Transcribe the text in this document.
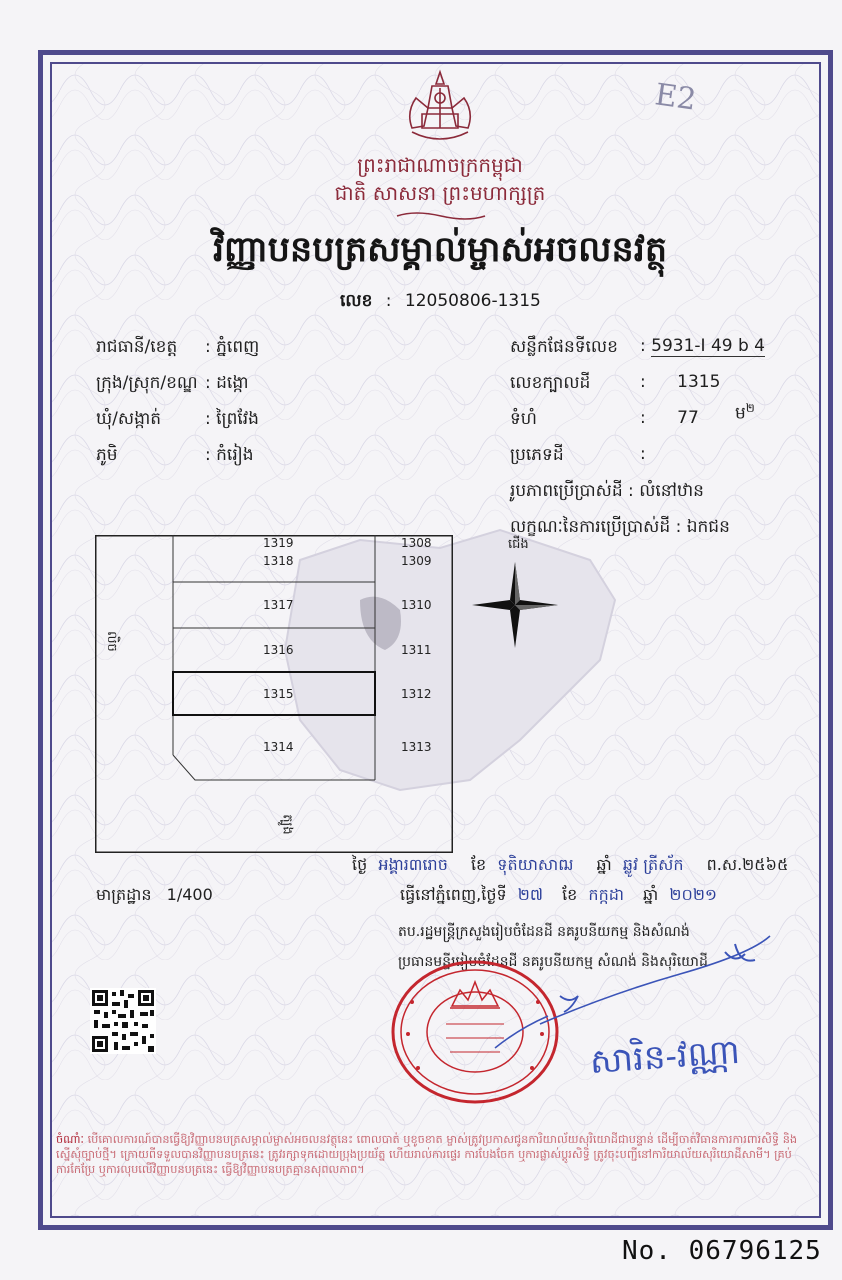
E2
ព្រះរាជាណាចក្រកម្ពុជា
ជាតិ សាសនា ព្រះមហាក្សត្រ
វិញ្ញាបនបត្រសម្គាល់ម្ចាស់អចលនវត្ថុ
លេខ : 12050806-1315
រាជធានី/ខេត្ត : ភ្នំពេញ
ក្រុង/ស្រុក/ខណ្ឌ : ដង្កោ
ឃុំ/សង្កាត់	: ព្រៃវែង
ភូមិ	: កំរៀង
សន្លឹកផែនទីលេខ : 5931-I 49 b 4
លេខក្បាលដី	: 1315
ទំហំ	: 77 ម$^២$
ប្រភេទដី	:
រូបភាពប្រើប្រាស់ដី : លំនៅឋាន
លក្ខណៈនៃការប្រើប្រាស់ដី : ឯកជន
ជើង
1319
1318
1308
1309
1317	1310
1316	1311
1315	1312
1314	1313
លិច
ត្បូង
ថ្ងៃ អង្គារ៣រោច ខែ ទុតិយាសាឍ ឆ្នាំ ឆ្លូវ ត្រីស័ក ព.ស.២៥៦៥
ធ្វើនៅភ្នំពេញ,ថ្ងៃទី ២៧ ខែ កក្កដា ឆ្នាំ ២០២១
មាត្រដ្ឋាន 1/400
តប.រដ្ឋមន្ត្រីក្រសួងរៀបចំដែនដី នគរូបនីយកម្ម និងសំណង់
ប្រធានមន្ទីររៀបចំដែនដី នគរូបនីយកម្ម សំណង់ និងសុរិយោដី
សារិន-វណ្ណា
ចំណាំៈ បើគោលការណ៍បានធ្វើឱ្យវិញ្ញាបនបត្រសម្គាល់ម្ចាស់អចលនវត្ថុនេះ ពោលបាត់ ឬខូចខាត ម្ចាស់ត្រូវប្រកាសជូនការិយាល័យសុរិយោដីជាបន្ទាន់ ដើម្បីចាត់វិធានការការពារសិទ្ធិ និងស្នើសុំច្បាប់ថ្មី។ ក្រោយពីទទួលបានវិញ្ញាបនបត្រនេះ ត្រូវរក្សាទុកដោយប្រុងប្រយ័ត្ន ហើយរាល់ការផ្ទេរ ការបែងចែក ឬការផ្លាស់ប្តូរសិទ្ធិ ត្រូវចុះបញ្ជីនៅការិយាល័យសុរិយោដីសាមី។ គ្រប់ការកែប្រែ ឬការលុបលើវិញ្ញាបនបត្រនេះ ធ្វើឱ្យវិញ្ញាបនបត្រគ្មានសុពលភាព។
No. 06796125
